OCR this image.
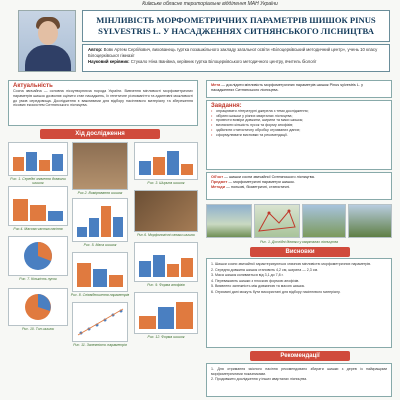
Київське обласне територіальне відділення МАН України
МІНЛИВІСТЬ МОРФОМЕТРИЧНИХ ПАРАМЕТРІВ ШИШОК PINUS SYLVESTRIS L. У НАСАДЖЕННЯХ СИТНЯНСЬКОГО ЛІСНИЦТВА
Автор: Вовк Артем Сергійович, вихованець гуртка позашкільного закладу загальної освіти «Білоцерківський методичний центр», учень 10 класу Білоцерківської гімназії
Науковий керівник: Стукало Ніна Іванівна, керівник гуртка Білоцерківського методичного центру, вчитель біології
Актуальність

Сосна звичайна — основна лісоутворююча порода України. Вивчення мінливості морфометричних параметрів шишок дозволяє оцінити стан насаджень, їх генетичне різноманіття та адаптивні можливості до умов середовища. Дослідження є важливими для відбору насіннєвого матеріалу та збереження лісових екосистем Ситнянського лісництва.

Хід дослідження
Рис. 1. Середні значення довжини шишок
Рис.2. Вимірювання шишок
Рис. 3. Ширина шишок
Рис.4. Масова частка насіння
Рис. 5. Маса шишок
Рис.6. Морфологічні ознаки шишок
Рис. 7. Кількість лусок
Рис. 8. Співвідношення параметрів
Рис. 9. Форма апофізів
Рис. 10. Тип шишок
Рис. 11. Залежність параметрів
Рис. 12. Форма шишок
Мета — дослідити мінливість морфометричних параметрів шишок Pinus sylvestris L. у насадженнях Ситнянського лісництва.
Завдання:
• опрацювати літературні джерела з теми дослідження;
• зібрати шишки у різних кварталах лісництва;
• провести виміри довжини, ширини та маси шишок;
• визначити кількість лусок та форму апофізів;
• здійснити статистичну обробку отриманих даних;
• сформулювати висновки та рекомендації.
Об'єкт — шишки сосни звичайної Ситнянського лісництва.
Предмет — морфометричні параметри шишок.
Методи — польові, біометричні, статистичні.
Рис. 1. Дослідні ділянки у кварталах лісництва
Висновки

1. Шишки сосни звичайної характеризуються значною мінливістю морфометричних параметрів.

2. Середня довжина шишок становить 4,2 см, ширина — 2,3 см.

3. Маса шишок коливається від 3,1 до 7,8 г.

4. Переважають шишки з плоскою формою апофізів.

5. Виявлено залежність між довжиною та масою шишок.

6. Отримані дані можуть бути використані для відбору насіннєвого матеріалу.

Рекомендації

1. Для отримання якісного насіння рекомендовано збирати шишки з дерев із найкращими морфометричними показниками.

2. Продовжити дослідження у інших кварталах лісництва.
